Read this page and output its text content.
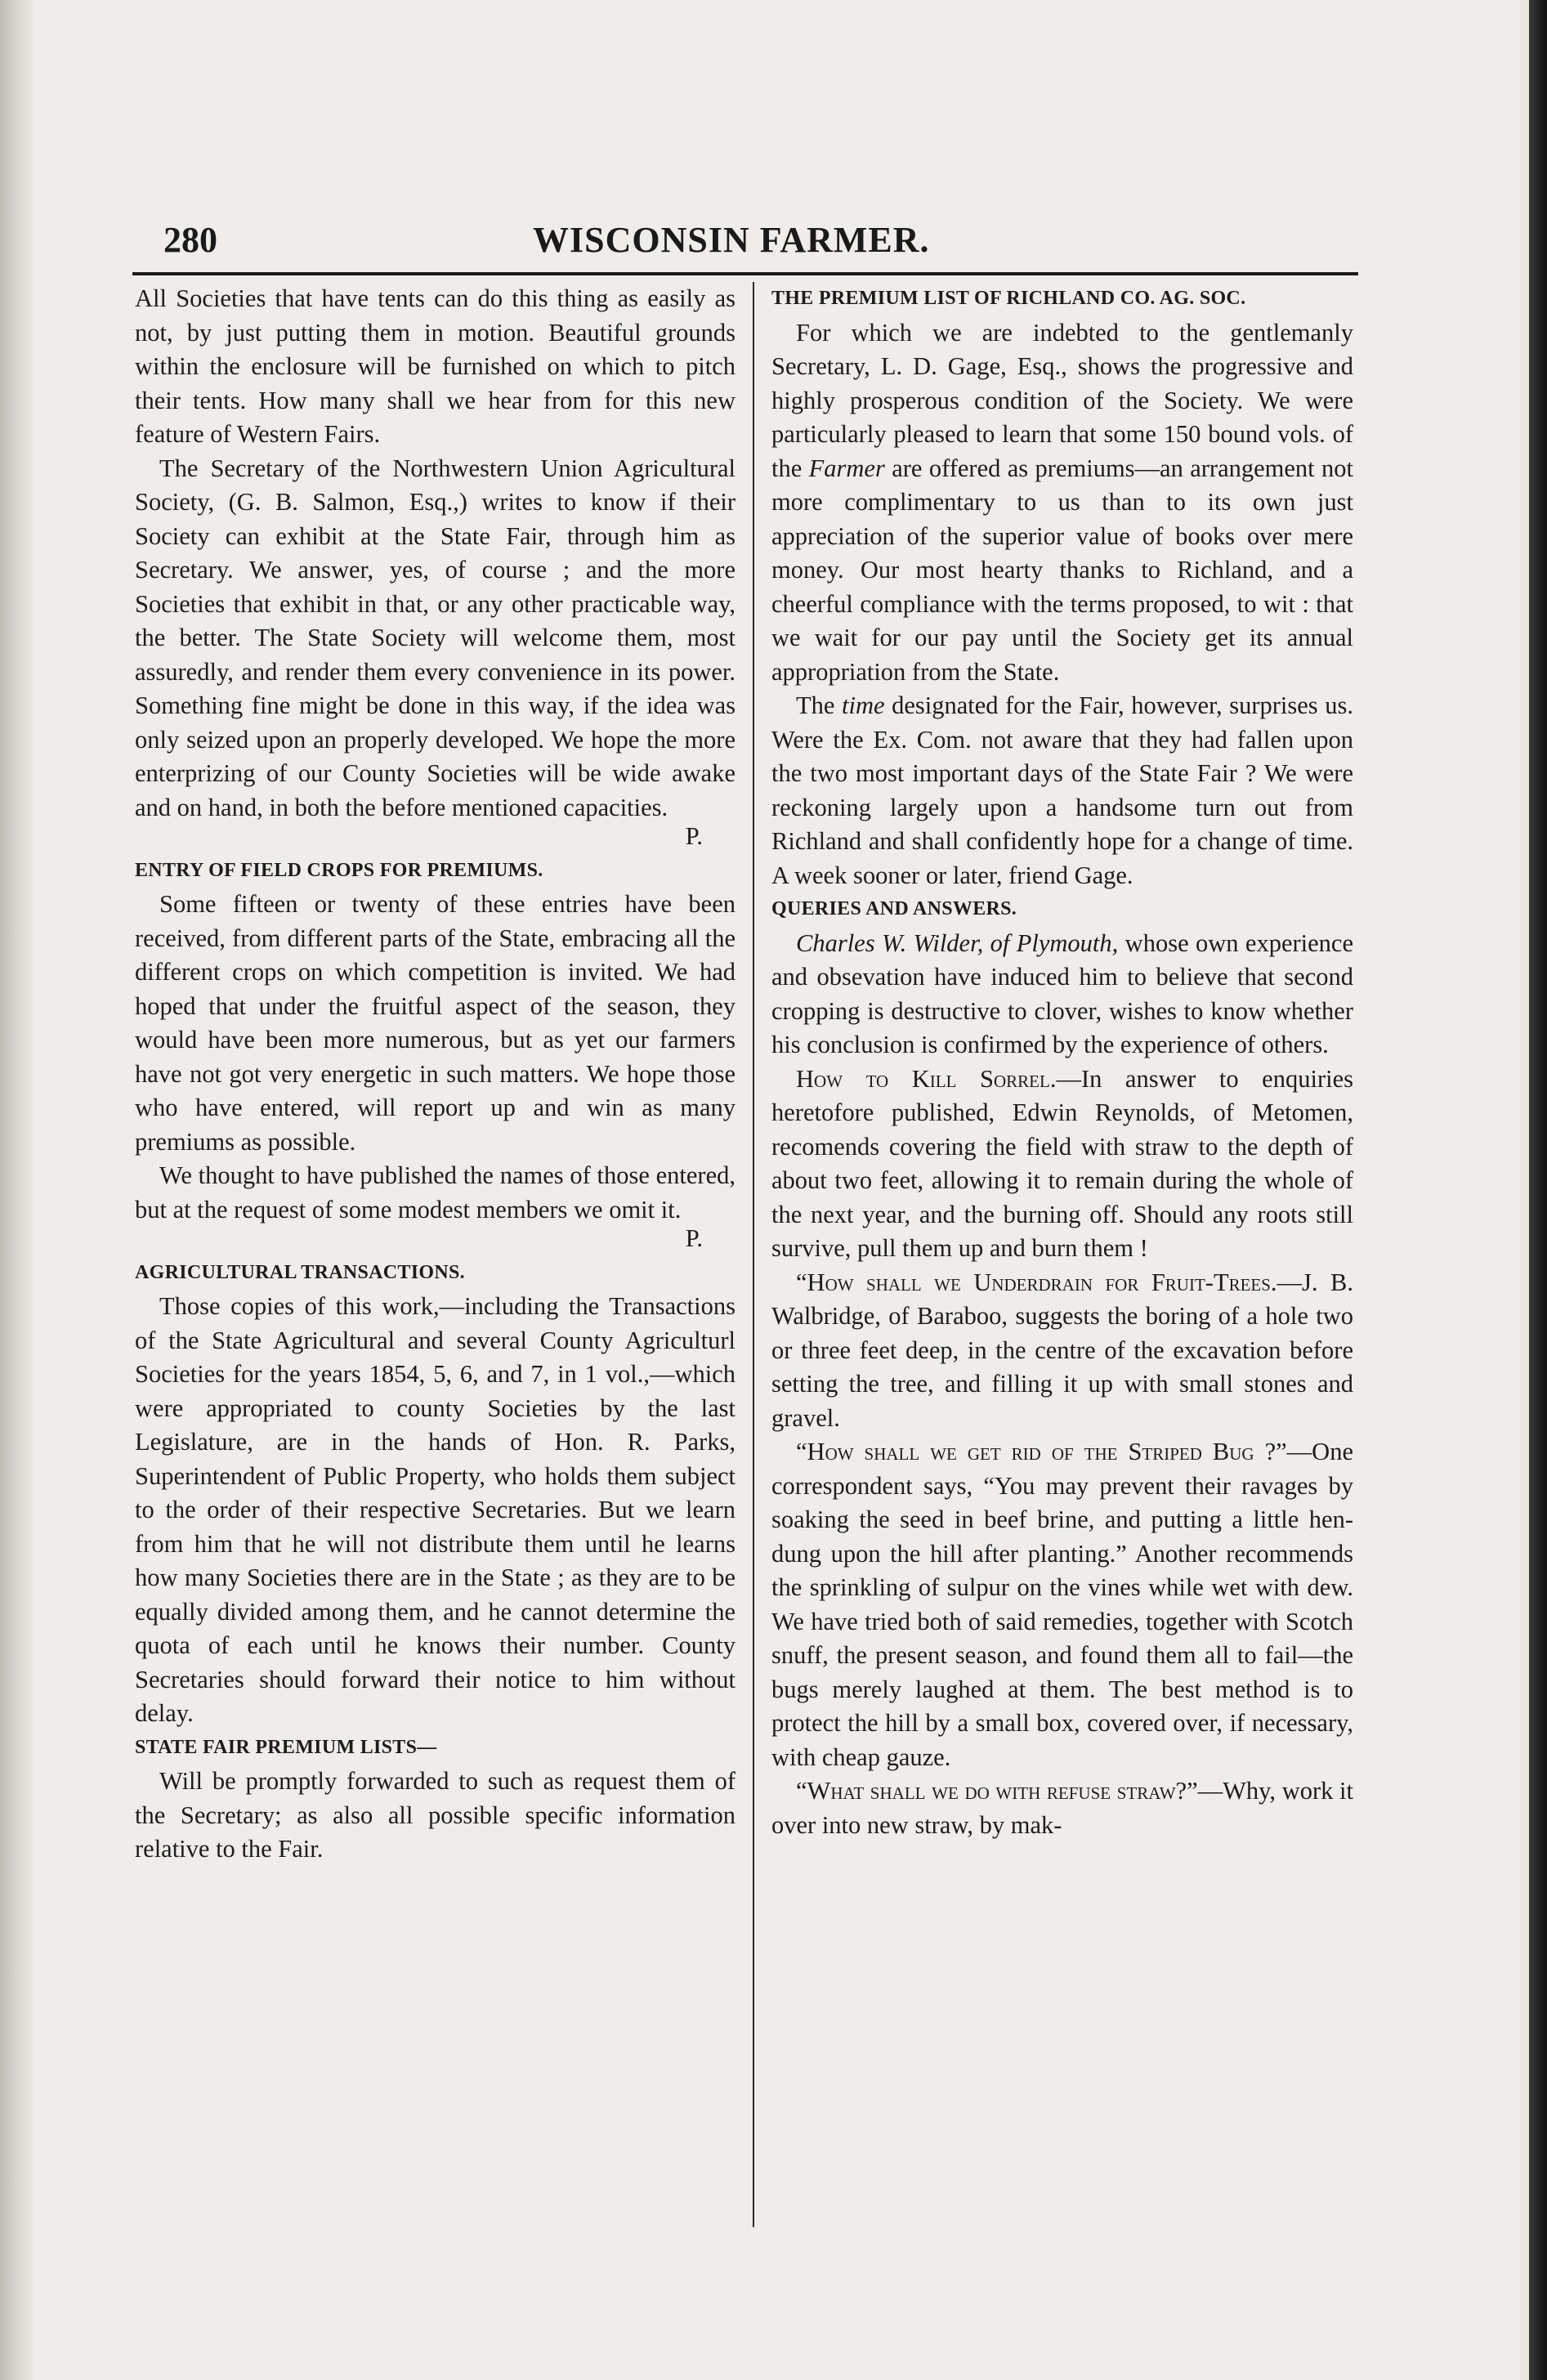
280	WISCONSIN FARMER.

All Societies that have tents can do this thing as easily as not, by just putting them in motion. Beautiful grounds within the enclosure will be furnished on which to pitch their tents. How many shall we hear from for this new feature of Western Fairs.

The Secretary of the Northwestern Union Agricultural Society, (G. B. Salmon, Esq.,) writes to know if their Society can exhibit at the State Fair, through him as Secretary. We answer, yes, of course ; and the more Societies that exhibit in that, or any other practicable way, the better. The State Society will welcome them, most assuredly, and render them every convenience in its power. Something fine might be done in this way, if the idea was only seized upon an properly developed. We hope the more enterprizing of our County Societies will be wide awake and on hand, in both the before mentioned capacities.

P.

ENTRY OF FIELD CROPS FOR PREMIUMS.

Some fifteen or twenty of these entries have been received, from different parts of the State, embracing all the different crops on which competition is invited. We had hoped that under the fruitful aspect of the season, they would have been more numerous, but as yet our farmers have not got very energetic in such matters. We hope those who have entered, will report up and win as many premiums as possible.

We thought to have published the names of those entered, but at the request of some modest members we omit it.

P.

AGRICULTURAL TRANSACTIONS.

Those copies of this work,—including the Transactions of the State Agricultural and several County Agriculturl Societies for the years 1854, 5, 6, and 7, in 1 vol.,—which were appropriated to county Societies by the last Legislature, are in the hands of Hon. R. Parks, Superintendent of Public Property, who holds them subject to the order of their respective Secretaries. But we learn from him that he will not distribute them until he learns how many Societies there are in the State ; as they are to be equally divided among them, and he cannot determine the quota of each until he knows their number. County Secretaries should forward their notice to him without delay.

STATE FAIR PREMIUM LISTS—

Will be promptly forwarded to such as request them of the Secretary; as also all possible specific information relative to the Fair.

THE PREMIUM LIST OF RICHLAND CO. AG. SOC.

For which we are indebted to the gentlemanly Secretary, L. D. Gage, Esq., shows the progressive and highly prosperous condition of the Society. We were particularly pleased to learn that some 150 bound vols. of the Farmer are offered as premiums—an arrangement not more complimentary to us than to its own just appreciation of the superior value of books over mere money. Our most hearty thanks to Richland, and a cheerful compliance with the terms proposed, to wit : that we wait for our pay until the Society get its annual appropriation from the State.

The time designated for the Fair, however, surprises us. Were the Ex. Com. not aware that they had fallen upon the two most important days of the State Fair ? We were reckoning largely upon a handsome turn out from Richland and shall confidently hope for a change of time. A week sooner or later, friend Gage.

QUERIES AND ANSWERS.

Charles W. Wilder, of Plymouth, whose own experience and obsevation have induced him to believe that second cropping is destructive to clover, wishes to know whether his conclusion is confirmed by the experience of others.

How to Kill Sorrel.—In answer to enquiries heretofore published, Edwin Reynolds, of Metomen, recomends covering the field with straw to the depth of about two feet, allowing it to remain during the whole of the next year, and the burning off. Should any roots still survive, pull them up and burn them !

“How shall we Underdrain for Fruit-Trees.—J. B. Walbridge, of Baraboo, suggests the boring of a hole two or three feet deep, in the centre of the excavation before setting the tree, and filling it up with small stones and gravel.

“How shall we get rid of the Striped Bug ?”—One correspondent says, “You may prevent their ravages by soaking the seed in beef brine, and putting a little hen-dung upon the hill after planting.” Another recommends the sprinkling of sulpur on the vines while wet with dew. We have tried both of said remedies, together with Scotch snuff, the present season, and found them all to fail—the bugs merely laughed at them. The best method is to protect the hill by a small box, covered over, if necessary, with cheap gauze.

“What shall we do with refuse straw?”—Why, work it over into new straw, by mak-
